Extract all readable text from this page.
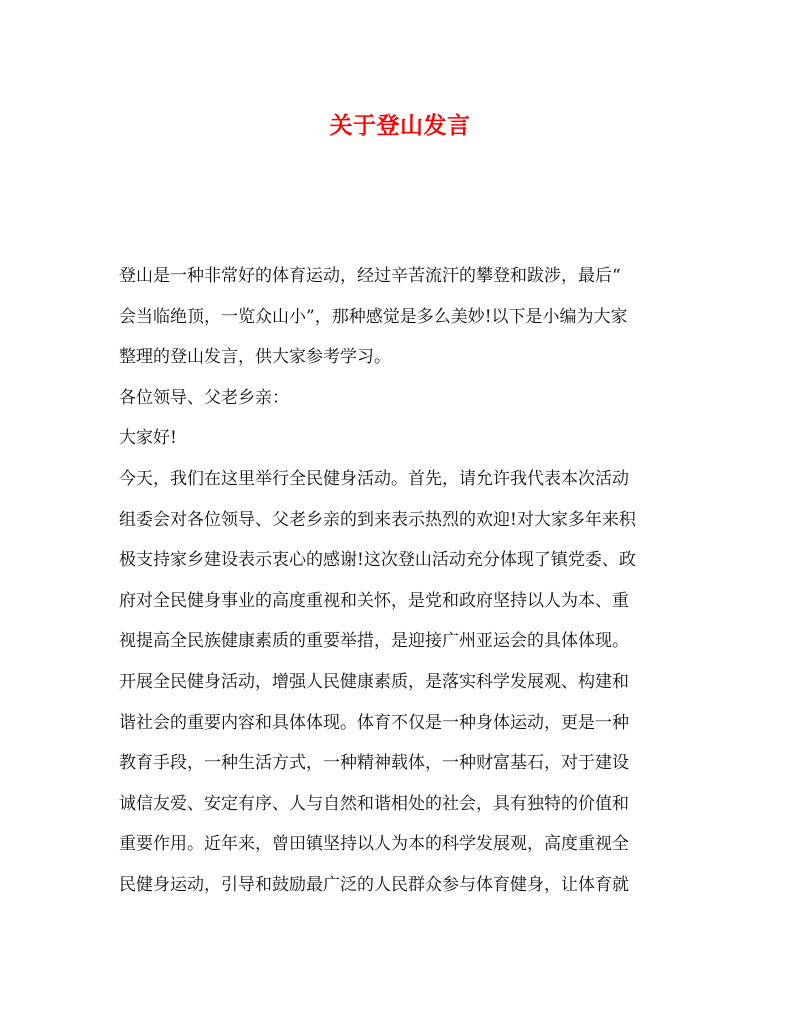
关于登山发言
登山是一种非常好的体育运动，经过辛苦流汗的攀登和跋涉，最后“
会当临绝顶，一览众山小”，那种感觉是多么美妙!以下是小编为大家
整理的登山发言，供大家参考学习。
各位领导、父老乡亲：
大家好!
今天，我们在这里举行全民健身活动。首先，请允许我代表本次活动
组委会对各位领导、父老乡亲的到来表示热烈的欢迎!对大家多年来积
极支持家乡建设表示衷心的感谢!这次登山活动充分体现了镇党委、政
府对全民健身事业的高度重视和关怀，是党和政府坚持以人为本、重
视提高全民族健康素质的重要举措，是迎接广州亚运会的具体体现。
开展全民健身活动，增强人民健康素质，是落实科学发展观、构建和
谐社会的重要内容和具体体现。体育不仅是一种身体运动，更是一种
教育手段，一种生活方式，一种精神载体，一种财富基石，对于建设
诚信友爱、安定有序、人与自然和谐相处的社会，具有独特的价值和
重要作用。近年来，曾田镇坚持以人为本的科学发展观，高度重视全
民健身运动，引导和鼓励最广泛的人民群众参与体育健身，让体育就
